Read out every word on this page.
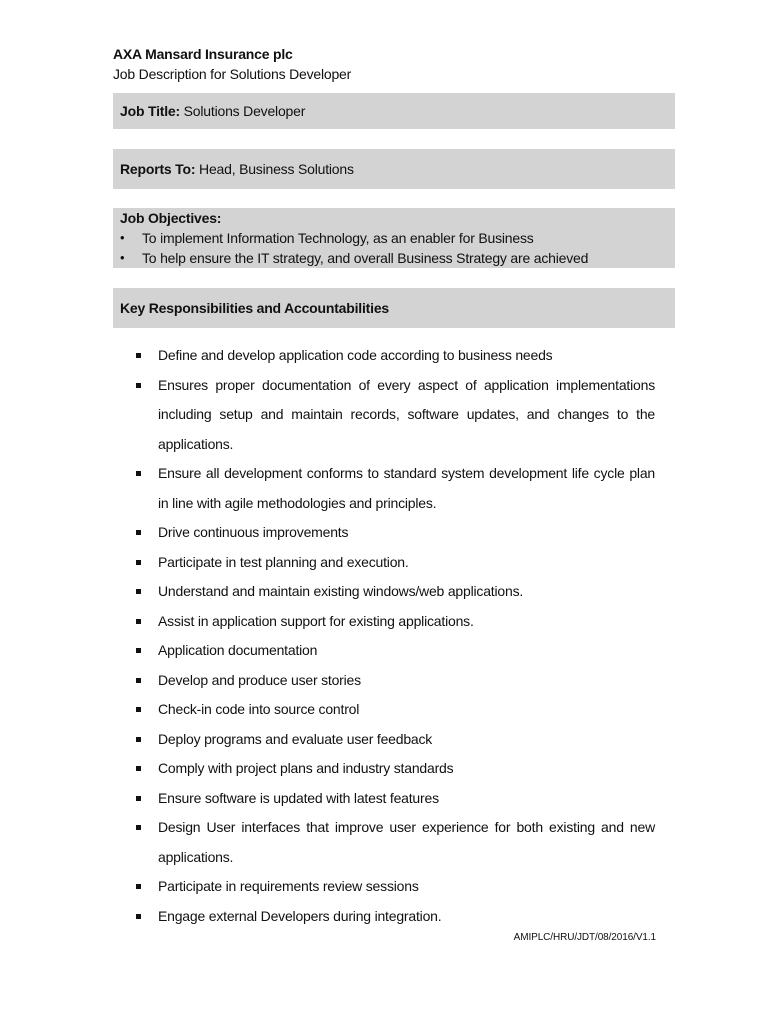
AXA Mansard Insurance plc
Job Description for Solutions Developer
Job Title: Solutions Developer
Reports To: Head, Business Solutions
Job Objectives:
•	To implement Information Technology, as an enabler for Business
•	To help ensure the IT strategy, and overall Business Strategy are achieved
Key Responsibilities and Accountabilities
Define and develop application code according to business needs
Ensures proper documentation of every aspect of application implementations including setup and maintain records, software updates, and changes to the applications.
Ensure all development conforms to standard system development life cycle plan in line with agile methodologies and principles.
Drive continuous improvements
Participate in test planning and execution.
Understand and maintain existing windows/web applications.
Assist in application support for existing applications.
Application documentation
Develop and produce user stories
Check-in code into source control
Deploy programs and evaluate user feedback
Comply with project plans and industry standards
Ensure software is updated with latest features
Design User interfaces that improve user experience for both existing and new applications.
Participate in requirements review sessions
Engage external Developers during integration.
AMIPLC/HRU/JDT/08/2016/V1.1
